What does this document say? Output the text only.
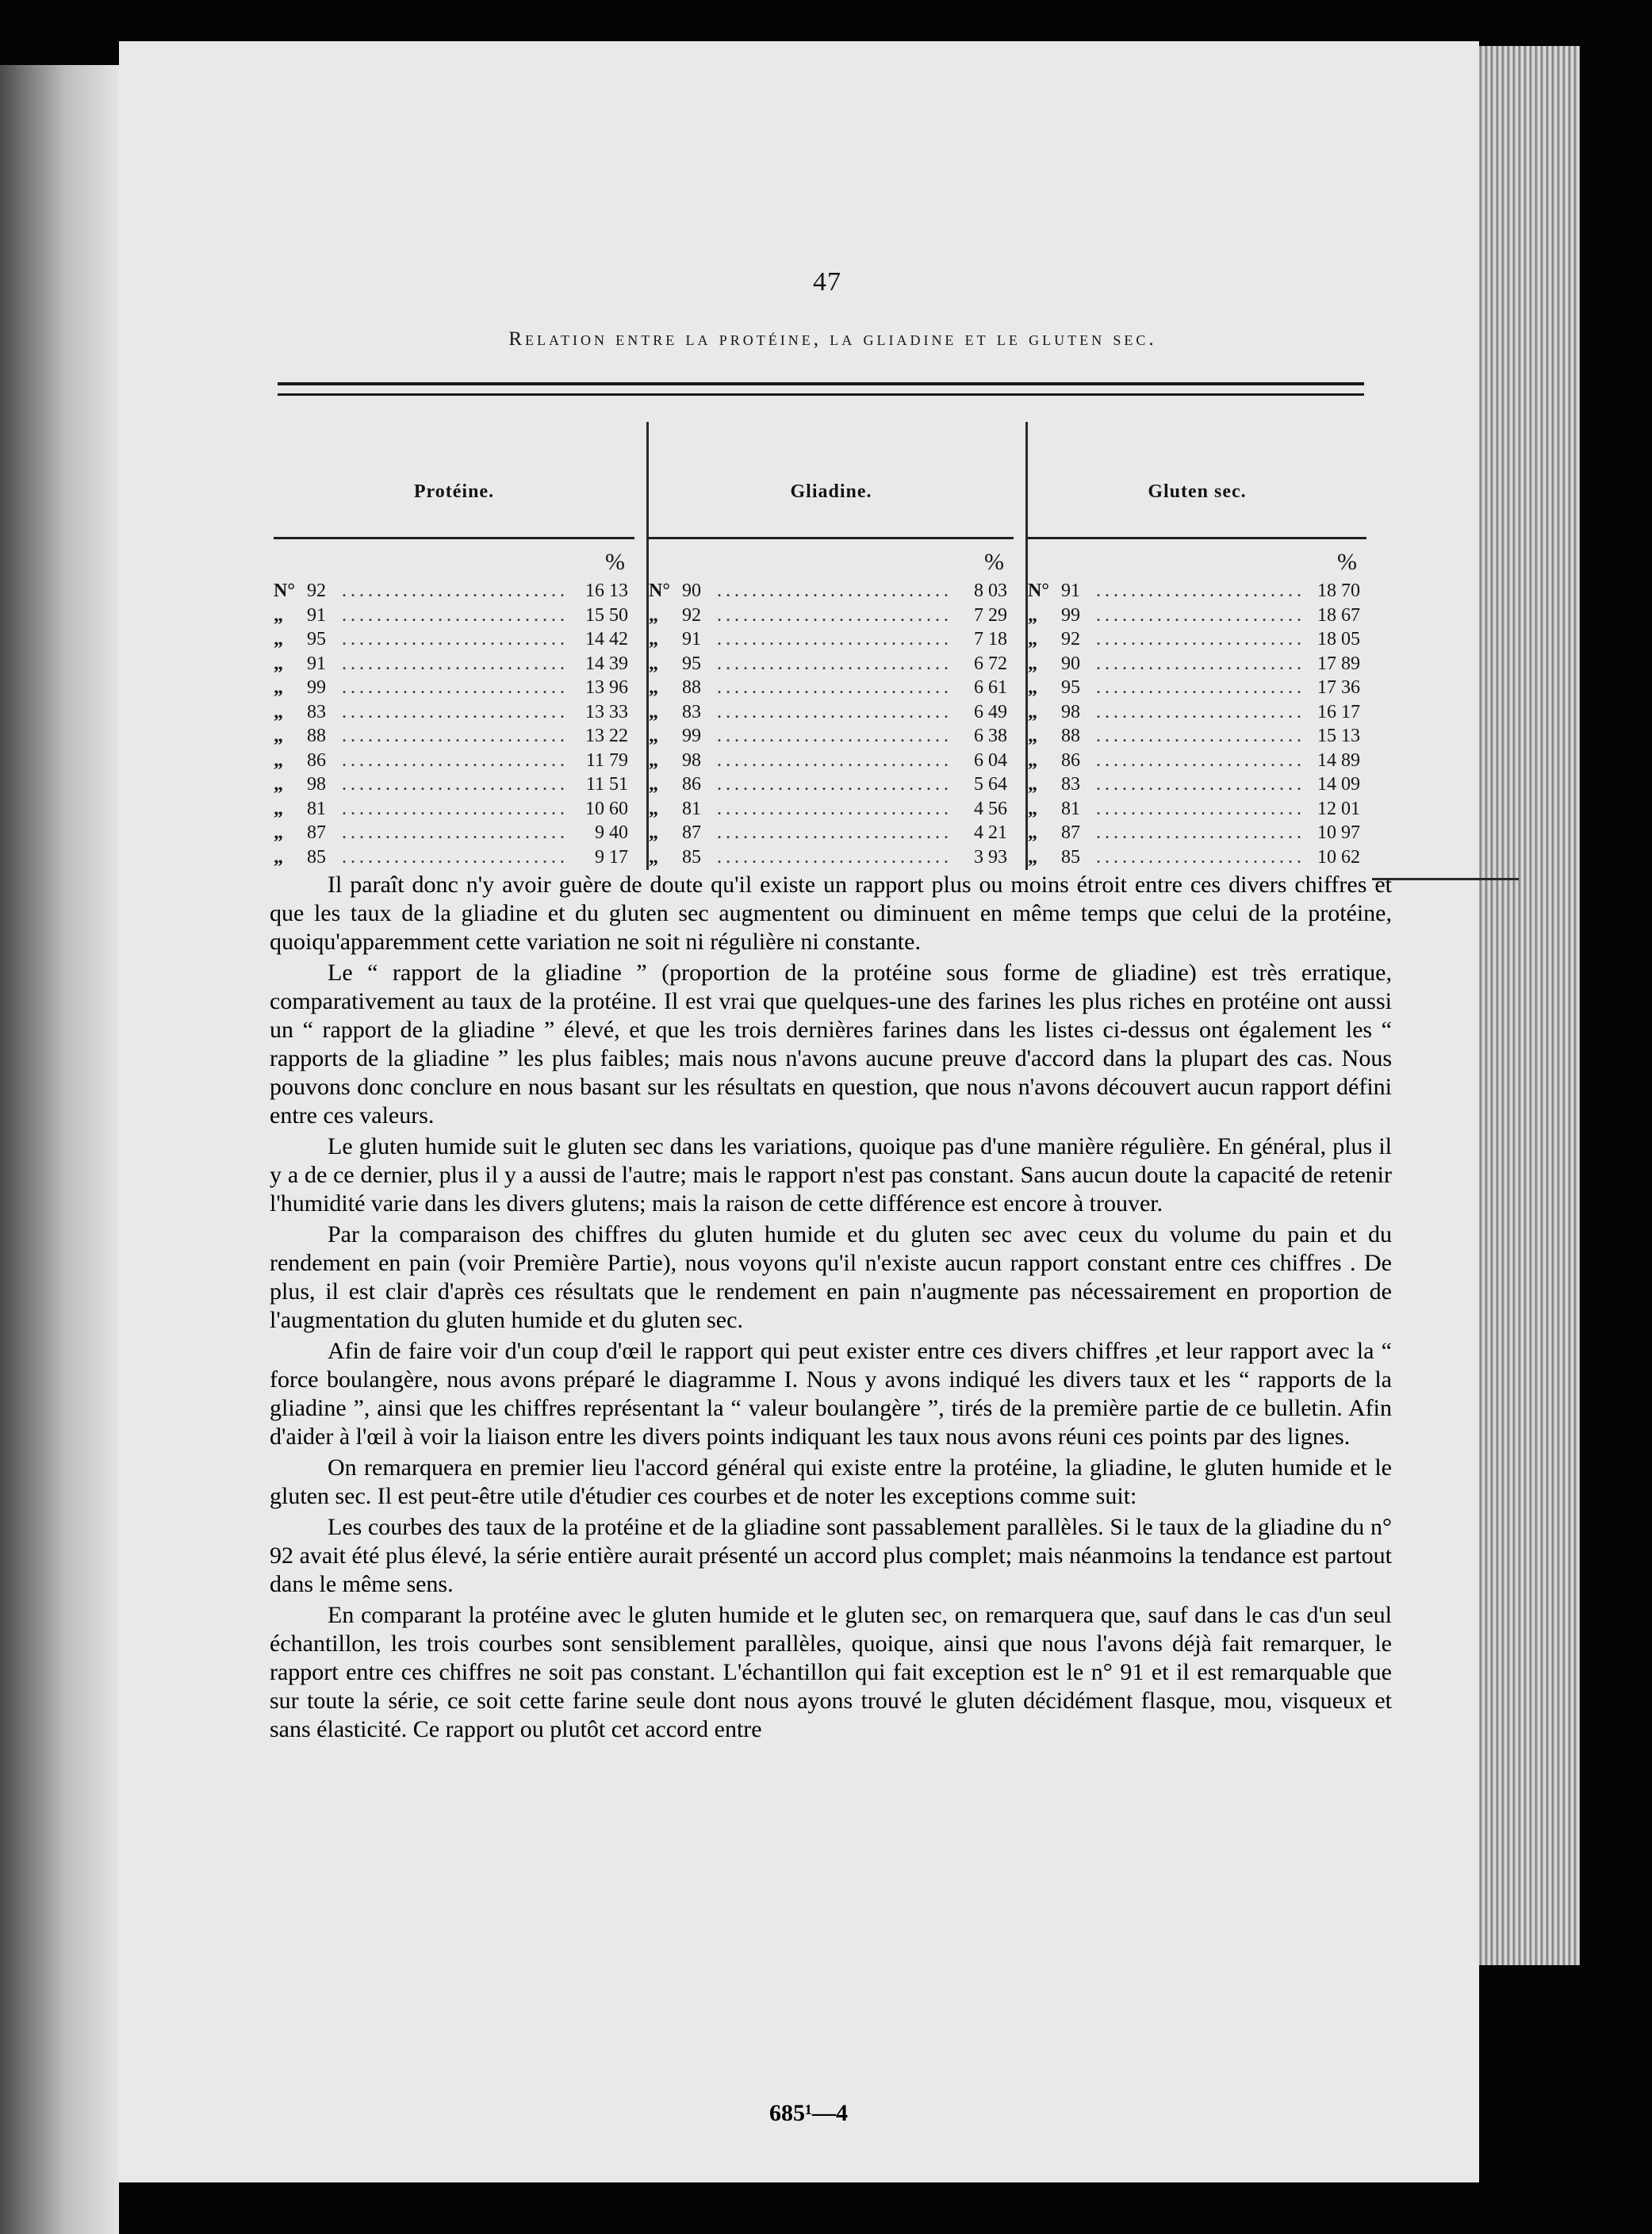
47
Relation entre la protéine, la gliadine et le gluten sec.
Protéine.
%
N° 92 .....	16 13
„	91 .....	15 50
„	95 .....	14 42
„	91 .....	14 39
„	99 .....	13 96
„	83 .....	13 33
„	88 .....	13 22
„	86 .....	11 79
„	98 .....	11 51
„	81 .....	10 60
„	87 .....	9 40
„	85 .....	9 17
Gliadine.
%
N° 90 .....	8 03
„	92 .....	7 29
„	91 .....	7 18
„	95 .....	6 72
„	88 .....	6 61
„	83 .....	6 49
„	99 .....	6 38
„	98 .....	6 04
„	86 .....	5 64
„	81 .....	4 56
„	87 .....	4 21
„	85 .....	3 93
Gluten sec.
%
N° 91 .....	18 70
„	99 .....	18 67
„	92 .....	18 05
„	90 .....	17 89
„	95 .....	17 36
„	98 .....	16 17
„	88 .....	15 13
„	86 .....	14 89
„	83 .....	14 09
„	81 .....	12 01
„	87 .....	10 97
„	85 .....	10 62

Il paraît donc n'y avoir guère de doute qu'il existe un rapport plus ou moins étroit entre ces divers chiffres et que les taux de la gliadine et du gluten sec augmentent ou diminuent en même temps que celui de la protéine, quoiqu'apparemment cette variation ne soit ni régulière ni constante.

Le “ rapport de la gliadine ” (proportion de la protéine sous forme de gliadine) est très erratique, comparativement au taux de la protéine. Il est vrai que quelques-une des farines les plus riches en protéine ont aussi un “ rapport de la gliadine ” élevé, et que les trois dernières farines dans les listes ci-dessus ont également les “ rapports de la gliadine ” les plus faibles; mais nous n'avons aucune preuve d'accord dans la plupart des cas. Nous pouvons donc conclure en nous basant sur les résultats en question, que nous n'avons découvert aucun rapport défini entre ces valeurs.

Le gluten humide suit le gluten sec dans les variations, quoique pas d'une manière régulière. En général, plus il y a de ce dernier, plus il y a aussi de l'autre; mais le rapport n'est pas constant. Sans aucun doute la capacité de retenir l'humidité varie dans les divers glutens; mais la raison de cette différence est encore à trouver.

Par la comparaison des chiffres du gluten humide et du gluten sec avec ceux du volume du pain et du rendement en pain (voir Première Partie), nous voyons qu'il n'existe aucun rapport constant entre ces chiffres . De plus, il est clair d'après ces résultats que le rendement en pain n'augmente pas nécessairement en proportion de l'augmentation du gluten humide et du gluten sec.

Afin de faire voir d'un coup d'œil le rapport qui peut exister entre ces divers chiffres ,et leur rapport avec la “ force boulangère, nous avons préparé le diagramme I. Nous y avons indiqué les divers taux et les “ rapports de la gliadine ”, ainsi que les chiffres représentant la “ valeur boulangère ”, tirés de la première partie de ce bulletin. Afin d'aider à l'œil à voir la liaison entre les divers points indiquant les taux nous avons réuni ces points par des lignes.

On remarquera en premier lieu l'accord général qui existe entre la protéine, la gliadine, le gluten humide et le gluten sec. Il est peut-être utile d'étudier ces courbes et de noter les exceptions comme suit:

Les courbes des taux de la protéine et de la gliadine sont passablement parallèles. Si le taux de la gliadine du n° 92 avait été plus élevé, la série entière aurait présenté un accord plus complet; mais néanmoins la tendance est partout dans le même sens.

En comparant la protéine avec le gluten humide et le gluten sec, on remarquera que, sauf dans le cas d'un seul échantillon, les trois courbes sont sensiblement parallèles, quoique, ainsi que nous l'avons déjà fait remarquer, le rapport entre ces chiffres ne soit pas constant. L'échantillon qui fait exception est le n° 91 et il est remarquable que sur toute la série, ce soit cette farine seule dont nous ayons trouvé le gluten décidément flasque, mou, visqueux et sans élasticité. Ce rapport ou plutôt cet accord entre

685¹—4
